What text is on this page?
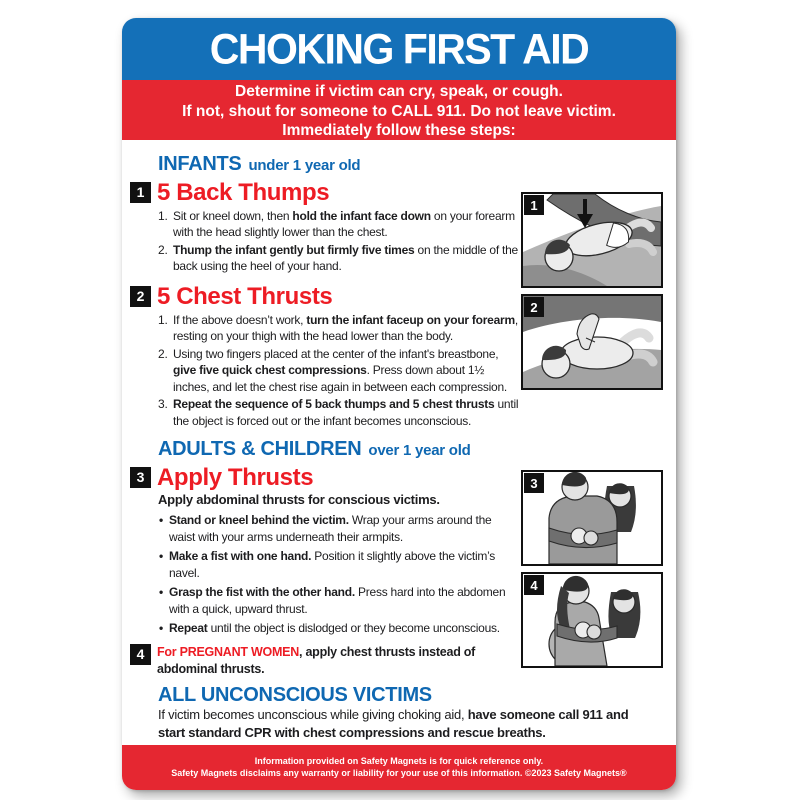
CHOKING FIRST AID
Determine if victim can cry, speak, or cough.
If not, shout for someone to CALL 911. Do not leave victim.
Immediately follow these steps:
INFANTS under 1 year old
1 5 Back Thumps
Sit or kneel down, then hold the infant face down on your forearm with the head slightly lower than the chest.
Thump the infant gently but firmly five times on the middle of the back using the heel of your hand.
2 5 Chest Thrusts
If the above doesn’t work, turn the infant faceup on your forearm, resting on your thigh with the head lower than the body.
Using two fingers placed at the center of the infant's breastbone, give five quick chest compressions. Press down about 1½ inches, and let the chest rise again in between each compression.
Repeat the sequence of 5 back thumps and 5 chest thrusts until the object is forced out or the infant becomes unconscious.
ADULTS & CHILDREN over 1 year old
3 Apply Thrusts
Apply abdominal thrusts for conscious victims.
• Stand or kneel behind the victim. Wrap your arms around the waist with your arms underneath their armpits.
• Make a fist with one hand. Position it slightly above the victim’s navel.
• Grasp the fist with the other hand. Press hard into the abdomen with a quick, upward thrust.
• Repeat until the object is dislodged or they become unconscious.
4	For PREGNANT WOMEN, apply chest thrusts instead of abdominal thrusts.
ALL UNCONSCIOUS VICTIMS
If victim becomes unconscious while giving choking aid, have someone call 911 and start standard CPR with chest compressions and rescue breaths.
1
2
3
4
Information provided on Safety Magnets is for quick reference only.
Safety Magnets disclaims any warranty or liability for your use of this information. ©2023 Safety Magnets®
